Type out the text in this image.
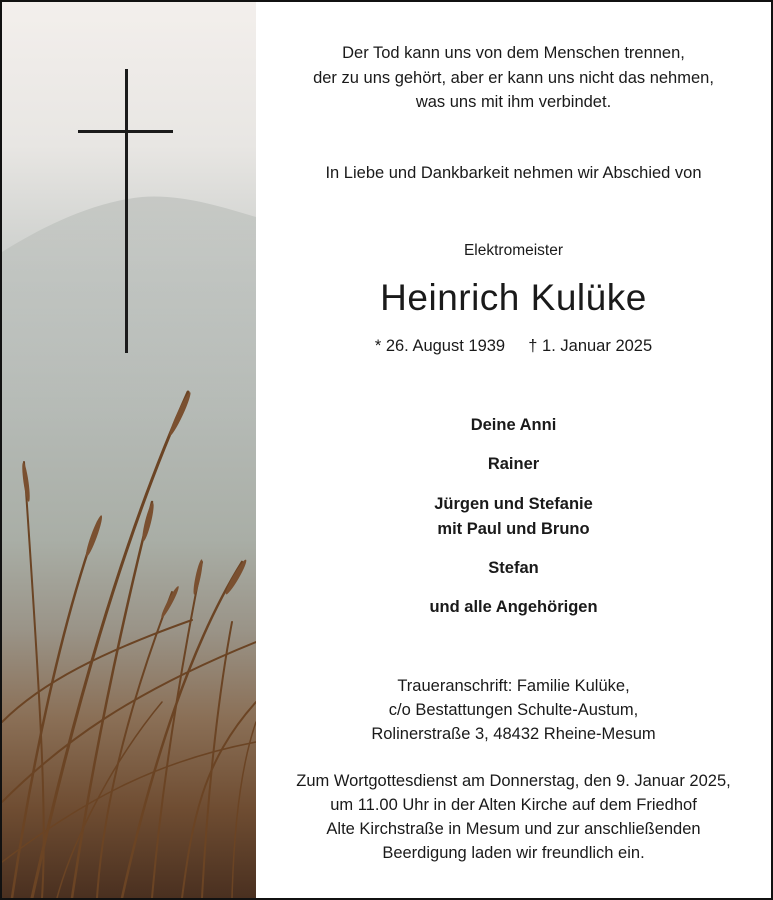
Der Tod kann uns von dem Menschen trennen,
der zu uns gehört, aber er kann uns nicht das nehmen,
was uns mit ihm verbindet.
In Liebe und Dankbarkeit nehmen wir Abschied von
Elektromeister
Heinrich Kulüke
* 26. August 1939 † 1. Januar 2025
Deine Anni
Rainer
Jürgen und Stefanie
mit Paul und Bruno
Stefan
und alle Angehörigen
Traueranschrift: Familie Kulüke,
c/o Bestattungen Schulte-Austum,
Rolinerstraße 3, 48432 Rheine-Mesum
Zum Wortgottesdienst am Donnerstag, den 9. Januar 2025,
um 11.00 Uhr in der Alten Kirche auf dem Friedhof
Alte Kirchstraße in Mesum und zur anschließenden
Beerdigung laden wir freundlich ein.
